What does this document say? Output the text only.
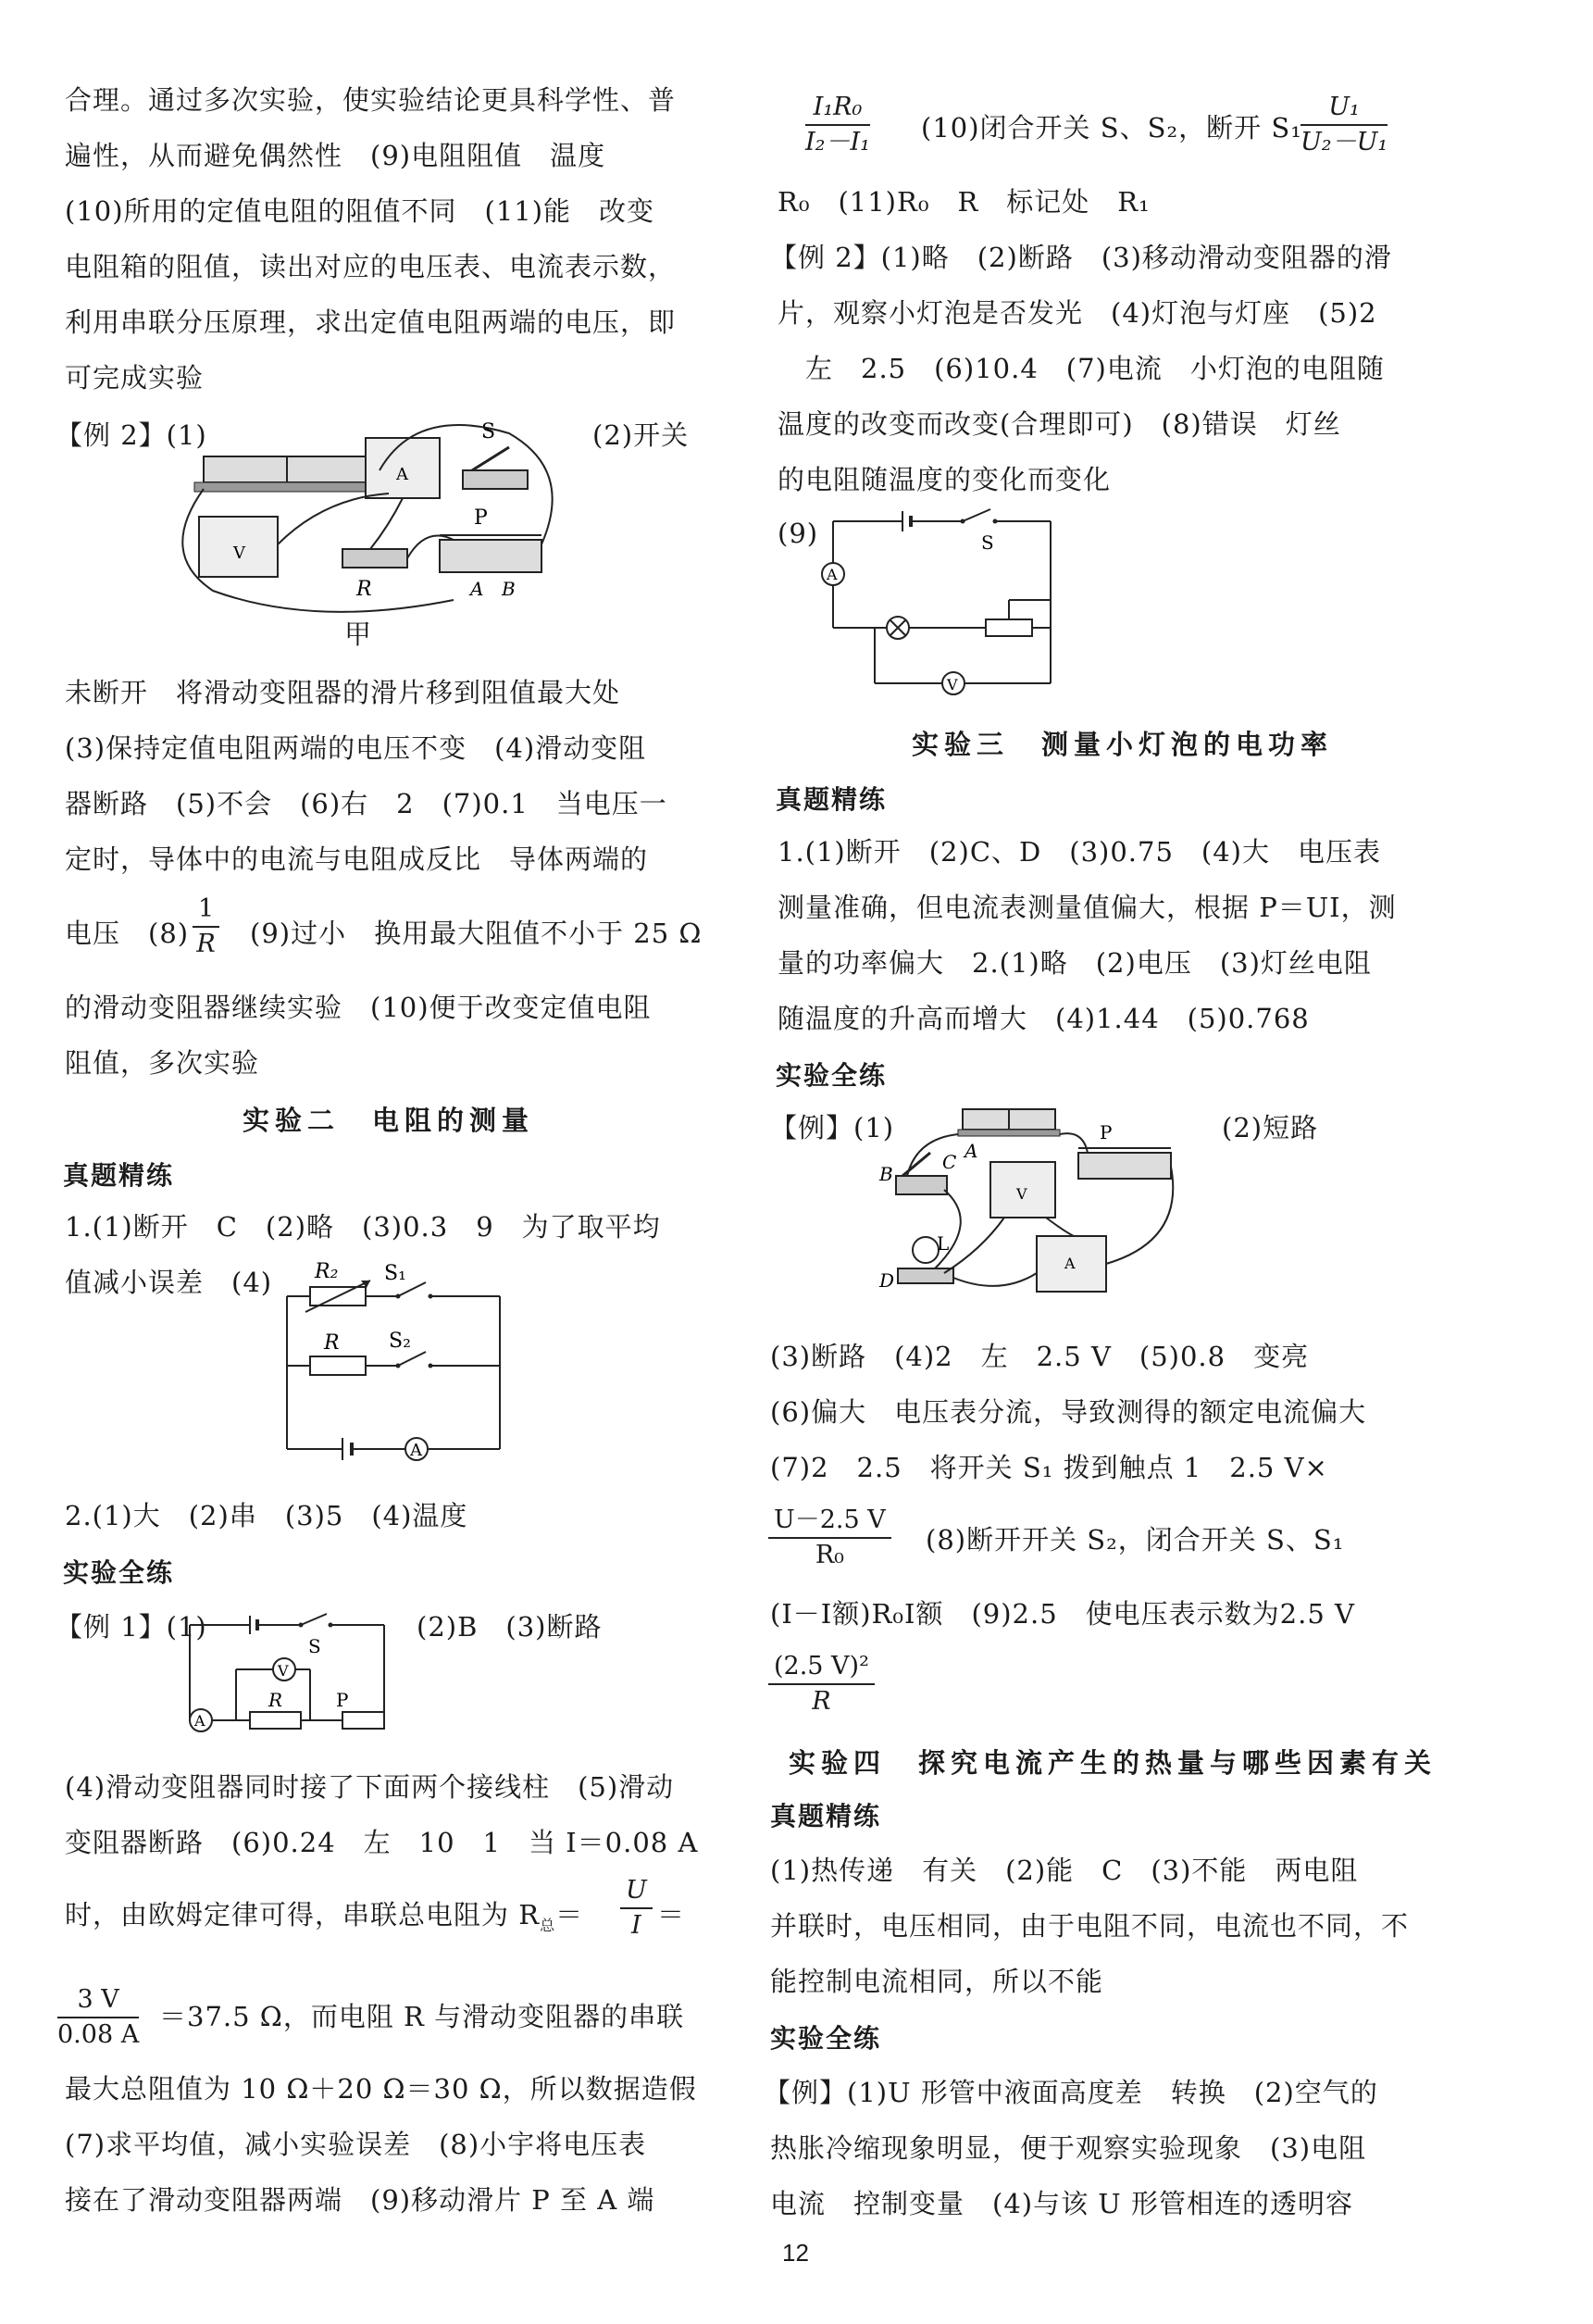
合理。通过多次实验，使实验结论更具科学性、普
遍性，从而避免偶然性　(9)电阻阻值　温度
(10)所用的定值电阻的阻值不同　(11)能　改变
电阻箱的阻值，读出对应的电压表、电流表示数，
利用串联分压原理，求出定值电阻两端的电压，即
可完成实验
【例 2】(1)	(2)开关
A
S
V
R
P
A B
甲
未断开　将滑动变阻器的滑片移到阻值最大处
(3)保持定值电阻两端的电压不变　(4)滑动变阻
器断路　(5)不会　(6)右　2　(7)0.1　当电压一
定时，导体中的电流与电阻成反比　导体两端的
电压　$(8) \frac{1}{R} (9)$过小　换用最大阻值不小于 25 Ω
的滑动变阻器继续实验　(10)便于改变定值电阻
阻值，多次实验
实验二　电阻的测量
真题精练
1.(1)断开　C　(2)略　(3)0.3　9　为了取平均
值减小误差　(4) R₂ S₁
R S₂
A
2.(1)大　(2)串　(3)5　(4)温度
实验全练
【例 1】(1)	(2)B　(3)断路
S
A
R	P
V
(4)滑动变阻器同时接了下面两个接线柱　(5)滑动
变阻器断路　(6)0.24　左　10　1　当 I＝0.08 A
时，由欧姆定律可得，串联总电阻为 $R_总= \frac{U}{I}$ ＝
$\frac{3 V}{0.08 A} =37.5$ Ω，而电阻 R 与滑动变阻器的串联
最大总阻值为 10 Ω＋20 Ω＝30 Ω，所以数据造假
(7)求平均值，减小实验误差　(8)小宇将电压表
接在了滑动变阻器两端　(9)移动滑片 P 至 A 端
$\frac{\text{I₁R₀}}{\text{I₂－I₁}} (10)$闭合开关 S、S₂，断开 S₁
$\frac{\text{U₁}}{\text{U₂－U₁}}$
R₀　(11)R₀　R　标记处　R₁
【例 2】(1)略　(2)断路　(3)移动滑动变阻器的滑
片，观察小灯泡是否发光　(4)灯泡与灯座　(5)2
左　2.5　(6)10.4　(7)电流　小灯泡的电阻随
温度的改变而改变(合理即可)　(8)错误　灯丝
的电阻随温度的变化而变化
(9)	S
A
V
实验三　测量小灯泡的电功率
真题精练
1.(1)断开　(2)C、D　(3)0.75　(4)大　电压表
测量准确，但电流表测量值偏大，根据 P＝UI，测
量的功率偏大　2.(1)略　(2)电压　(3)灯丝电阻
随温度的升高而增大　(4)1.44　(5)0.768
实验全练
【例】(1)	(2)短路
A
B
C
V
P
D
L
A
(3)断路　(4)2　左　2.5 V　(5)0.8　变亮
(6)偏大　电压表分流，导致测得的额定电流偏大
(7)2　2.5　将开关 S₁ 拨到触点 1　2.5 V×
$\frac{U-2.5 V}{\text{R₀}} (8)$断开开关 S₂，闭合开关 S、S₁
(I－I额)R₀I额　(9)2.5　使电压表示数为2.5 V
$\frac{\text{(2.5 V)²}}{R}$
实验四　探究电流产生的热量与哪些因素有关
真题精练
(1)热传递　有关　(2)能　C　(3)不能　两电阻
并联时，电压相同，由于电阻不同，电流也不同，不
能控制电流相同，所以不能
实验全练
【例】(1)U 形管中液面高度差　转换　(2)空气的
热胀冷缩现象明显，便于观察实验现象　(3)电阻
电流　控制变量　(4)与该 U 形管相连的透明容
12
